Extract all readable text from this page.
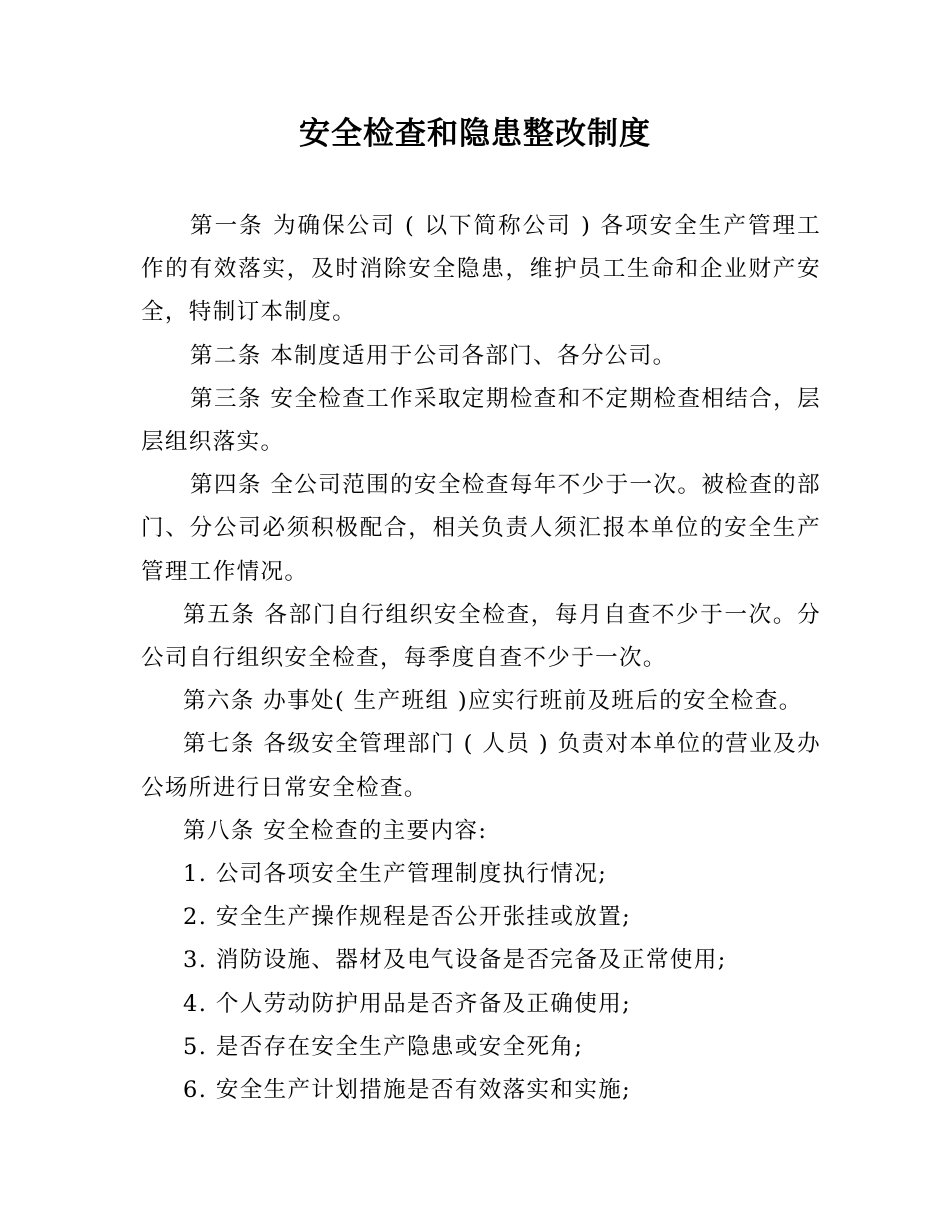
安全检查和隐患整改制度

第一条 为确保公司 ( 以下简称公司 ) 各项安全生产管理工作的有效落实，及时消除安全隐患，维护员工生命和企业财产安全，特制订本制度。

第二条 本制度适用于公司各部门、各分公司。

第三条 安全检查工作采取定期检查和不定期检查相结合，层层组织落实。

第四条 全公司范围的安全检查每年不少于一次。被检查的部门、分公司必须积极配合，相关负责人须汇报本单位的安全生产管理工作情况。

第五条 各部门自行组织安全检查，每月自查不少于一次。分公司自行组织安全检查，每季度自查不少于一次。

第六条 办事处( 生产班组 )应实行班前及班后的安全检查。

第七条 各级安全管理部门 ( 人员 ) 负责对本单位的营业及办公场所进行日常安全检查。

第八条 安全检查的主要内容:

1. 公司各项安全生产管理制度执行情况;

2. 安全生产操作规程是否公开张挂或放置;

3. 消防设施、器材及电气设备是否完备及正常使用;

4. 个人劳动防护用品是否齐备及正确使用;

5. 是否存在安全生产隐患或安全死角;

6. 安全生产计划措施是否有效落实和实施;
